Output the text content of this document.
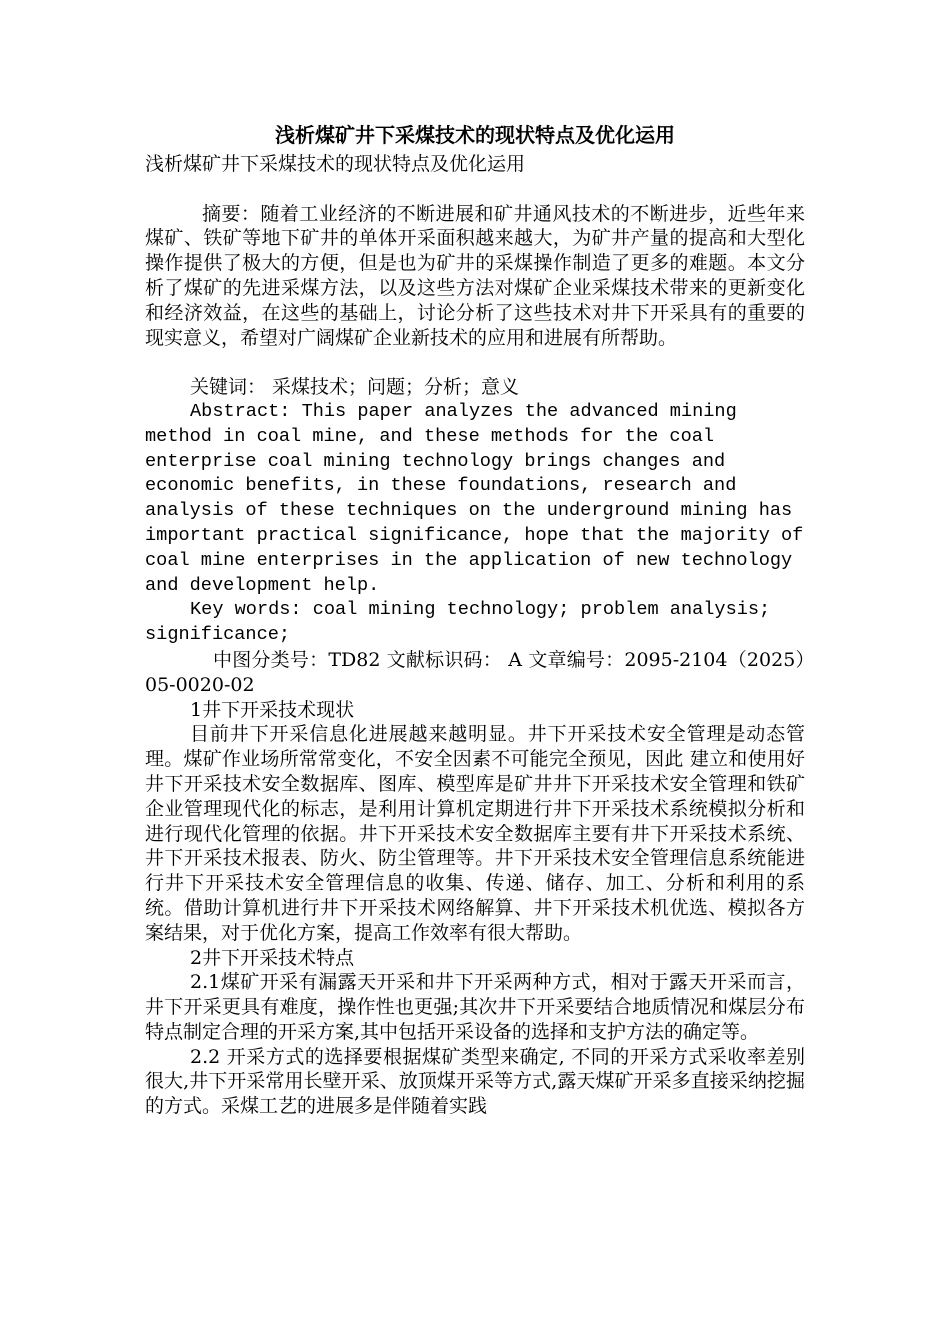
浅析煤矿井下采煤技术的现状特点及优化运用

浅析煤矿井下采煤技术的现状特点及优化运用

摘要：随着工业经济的不断进展和矿井通风技术的不断进步，近些年来煤矿、铁矿等地下矿井的单体开采面积越来越大，为矿井产量的提高和大型化操作提供了极大的方便，但是也为矿井的采煤操作制造了更多的难题。本文分析了煤矿的先进采煤方法，以及这些方法对煤矿企业采煤技术带来的更新变化和经济效益，在这些的基础上，讨论分析了这些技术对井下开采具有的重要的现实意义，希望对广阔煤矿企业新技术的应用和进展有所帮助。

关键词： 采煤技术；问题；分析；意义

Abstract: This paper analyzes the advanced mining method in coal mine, and these methods for the coal enterprise coal mining technology brings changes and economic benefits, in these foundations, research and analysis of these techniques on the underground mining has important practical significance, hope that the majority of coal mine enterprises in the application of new technology and development help.

Key words: coal mining technology; problem analysis; significance;

中图分类号：TD82 文献标识码： A 文章编号：2095-2104（2025）05-0020-02

1井下开采技术现状

目前井下开采信息化进展越来越明显。井下开采技术安全管理是动态管理。煤矿作业场所常常变化，不安全因素不可能完全预见，因此 建立和使用好井下开采技术安全数据库、图库、模型库是矿井井下开采技术安全管理和铁矿企业管理现代化的标志，是利用计算机定期进行井下开采技术系统模拟分析和进行现代化管理的依据。井下开采技术安全数据库主要有井下开采技术系统、井下开采技术报表、防火、防尘管理等。井下开采技术安全管理信息系统能进行井下开采技术安全管理信息的收集、传递、储存、加工、分析和利用的系统。借助计算机进行井下开采技术网络解算、井下开采技术机优选、模拟各方案结果，对于优化方案，提高工作效率有很大帮助。

2井下开采技术特点

2.1煤矿开采有漏露天开采和井下开采两种方式，相对于露天开采而言，井下开采更具有难度，操作性也更强;其次井下开采要结合地质情况和煤层分布特点制定合理的开采方案,其中包括开采设备的选择和支护方法的确定等。

2.2 开采方式的选择要根据煤矿类型来确定, 不同的开采方式采收率差别很大,井下开采常用长壁开采、放顶煤开采等方式,露天煤矿开采多直接采纳挖掘的方式。采煤工艺的进展多是伴随着实践
